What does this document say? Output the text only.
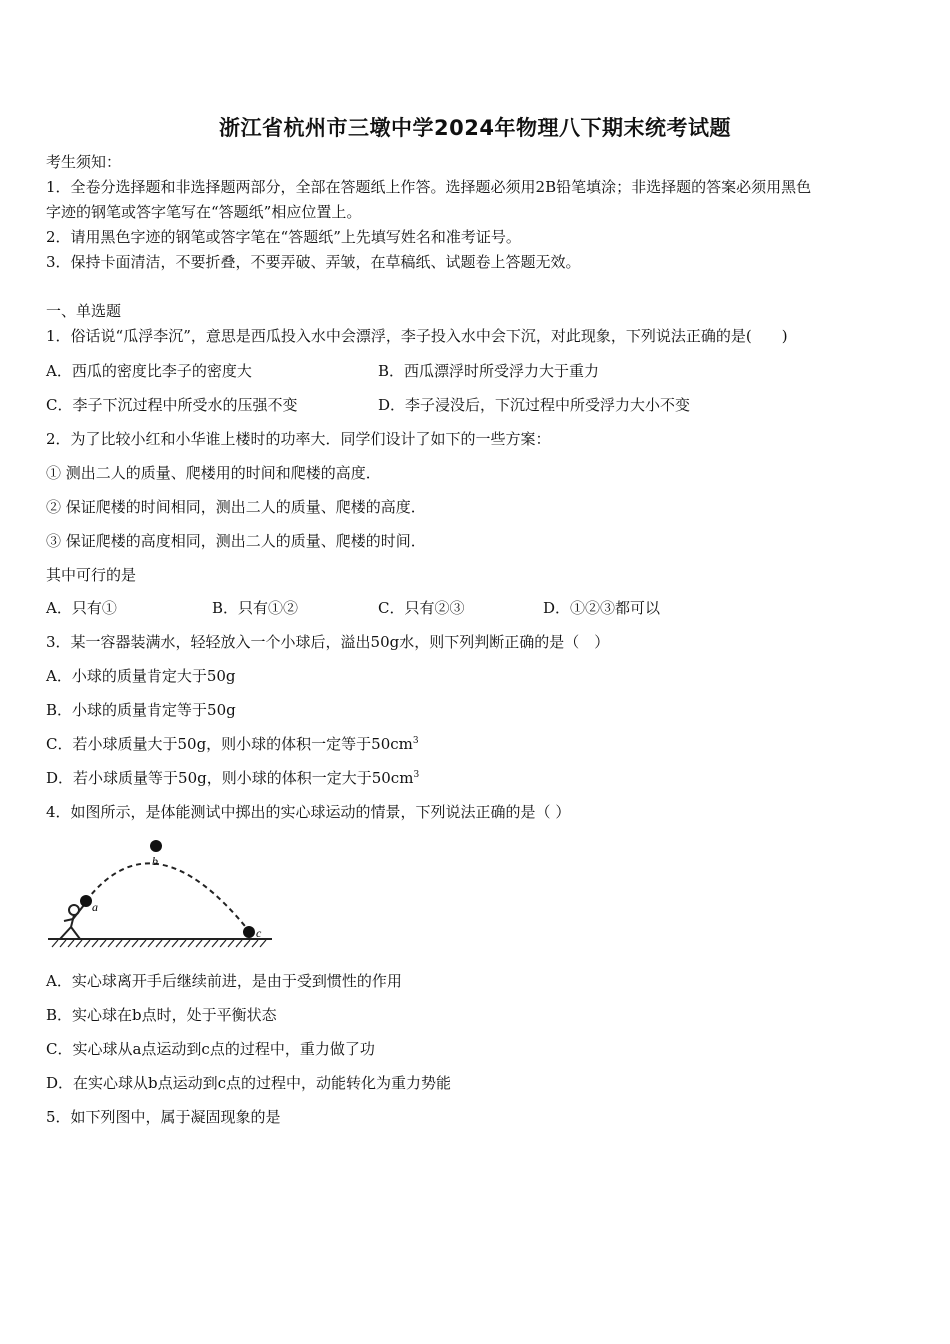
浙江省杭州市三墩中学2024年物理八下期末统考试题
考生须知：
1．全卷分选择题和非选择题两部分，全部在答题纸上作答。选择题必须用2B铅笔填涂；非选择题的答案必须用黑色
字迹的钢笔或答字笔写在“答题纸”相应位置上。
2．请用黑色字迹的钢笔或答字笔在“答题纸”上先填写姓名和准考证号。
3．保持卡面清洁，不要折叠，不要弄破、弄皱，在草稿纸、试题卷上答题无效。
一、单选题
1．俗话说“瓜浮李沉”，意思是西瓜投入水中会漂浮，李子投入水中会下沉，对此现象，下列说法正确的是(　　)
A．西瓜的密度比李子的密度大	B．西瓜漂浮时所受浮力大于重力
C．李子下沉过程中所受水的压强不变	D．李子浸没后，下沉过程中所受浮力大小不变
2．为了比较小红和小华谁上楼时的功率大．同学们设计了如下的一些方案：
① 测出二人的质量、爬楼用的时间和爬楼的高度．
② 保证爬楼的时间相同，测出二人的质量、爬楼的高度．
③ 保证爬楼的高度相同，测出二人的质量、爬楼的时间．
其中可行的是
A．只有①	B．只有①②	C．只有②③	D．①②③都可以
3．某一容器装满水，轻轻放入一个小球后，溢出50g水，则下列判断正确的是（　）
A．小球的质量肯定大于50g
B．小球的质量肯定等于50g
C．若小球质量大于50g，则小球的体积一定等于$50cm^3$
D．若小球质量等于50g，则小球的体积一定大于$50cm^3$
4．如图所示，是体能测试中掷出的实心球运动的情景，下列说法正确的是（ ）
a
b
c
A．实心球离开手后继续前进，是由于受到惯性的作用
B．实心球在b点时，处于平衡状态
C．实心球从a点运动到c点的过程中，重力做了功
D．在实心球从b点运动到c点的过程中，动能转化为重力势能
5．如下列图中，属于凝固现象的是
